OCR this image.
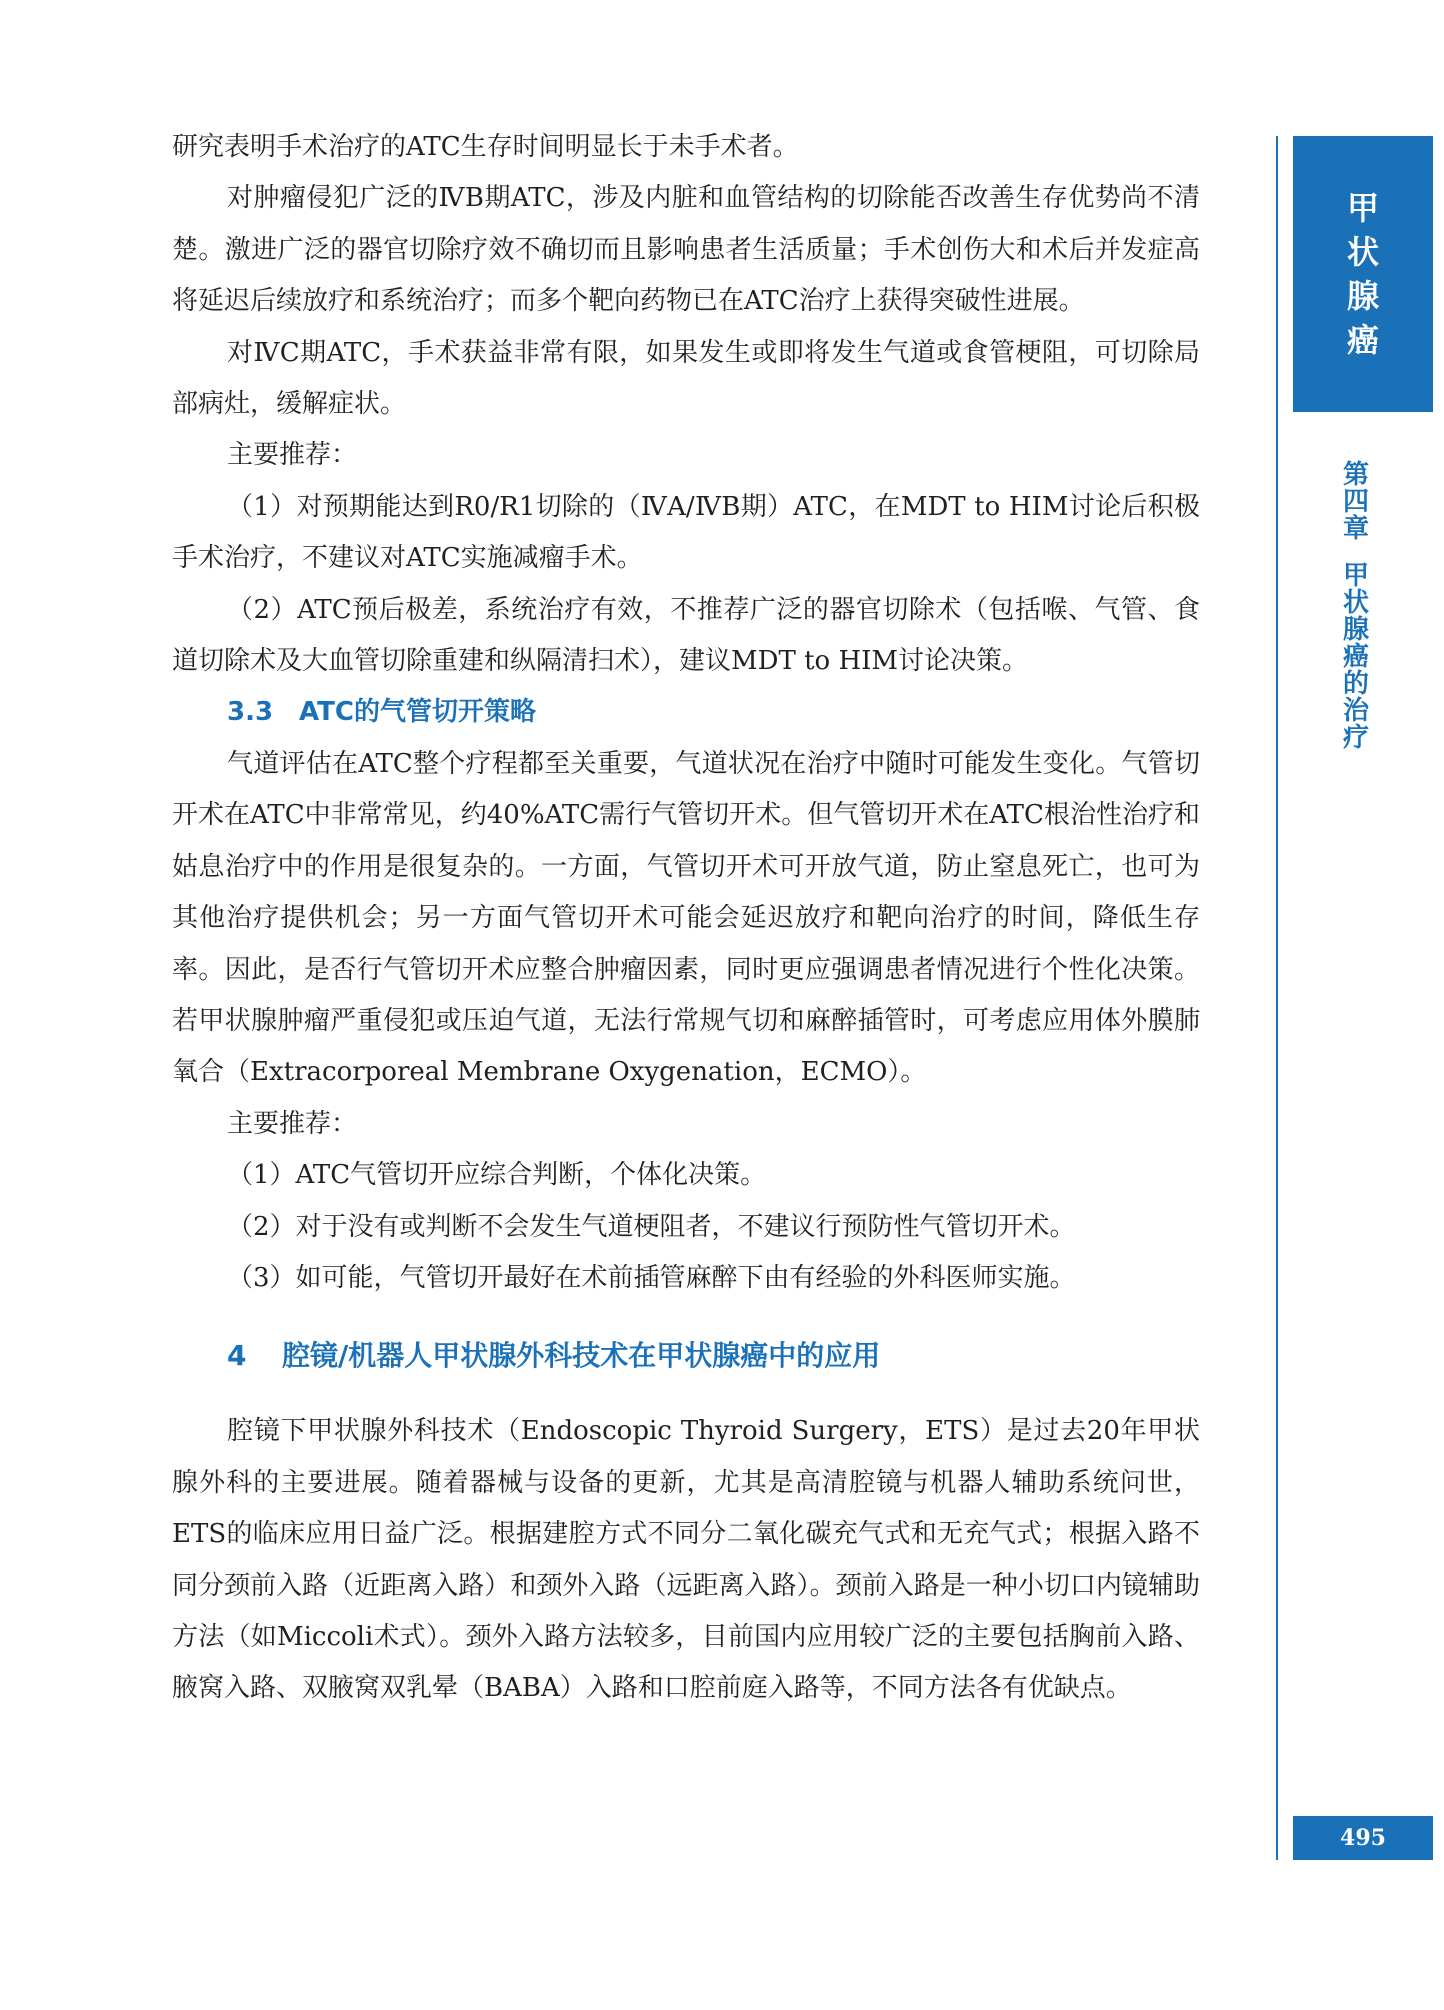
甲
状
腺
癌
第
四
章
甲
状
腺
癌
的
治
疗

研究表明手术治疗的ATC生存时间明显长于未手术者。

对肿瘤侵犯广泛的ⅣB期ATC，涉及内脏和血管结构的切除能否改善生存优势尚不清楚。激进广泛的器官切除疗效不确切而且影响患者生活质量；手术创伤大和术后并发症高将延迟后续放疗和系统治疗；而多个靶向药物已在ATC治疗上获得突破性进展。

对ⅣC期ATC，手术获益非常有限，如果发生或即将发生气道或食管梗阻，可切除局部病灶，缓解症状。

主要推荐：

（1）对预期能达到R0/R1切除的（ⅣA/ⅣB期）ATC，在MDT to HIM讨论后积极手术治疗，不建议对ATC实施减瘤手术。

（2）ATC预后极差，系统治疗有效，不推荐广泛的器官切除术（包括喉、气管、食道切除术及大血管切除重建和纵隔清扫术），建议MDT to HIM讨论决策。

3.3　ATC的气管切开策略

气道评估在ATC整个疗程都至关重要，气道状况在治疗中随时可能发生变化。气管切开术在ATC中非常常见，约40%ATC需行气管切开术。但气管切开术在ATC根治性治疗和姑息治疗中的作用是很复杂的。一方面，气管切开术可开放气道，防止窒息死亡，也可为其他治疗提供机会；另一方面气管切开术可能会延迟放疗和靶向治疗的时间，降低生存率。因此，是否行气管切开术应整合肿瘤因素，同时更应强调患者情况进行个性化决策。若甲状腺肿瘤严重侵犯或压迫气道，无法行常规气切和麻醉插管时，可考虑应用体外膜肺氧合（Extracorporeal Membrane Oxygenation，ECMO）。

主要推荐：

（1）ATC气管切开应综合判断，个体化决策。

（2）对于没有或判断不会发生气道梗阻者，不建议行预防性气管切开术。

（3）如可能，气管切开最好在术前插管麻醉下由有经验的外科医师实施。

4 腔镜/机器人甲状腺外科技术在甲状腺癌中的应用

腔镜下甲状腺外科技术（Endoscopic Thyroid Surgery，ETS）是过去20年甲状腺外科的主要进展。随着器械与设备的更新，尤其是高清腔镜与机器人辅助系统问世，ETS的临床应用日益广泛。根据建腔方式不同分二氧化碳充气式和无充气式；根据入路不同分颈前入路（近距离入路）和颈外入路（远距离入路）。颈前入路是一种小切口内镜辅助方法（如Miccoli术式）。颈外入路方法较多，目前国内应用较广泛的主要包括胸前入路、腋窝入路、双腋窝双乳晕（BABA）入路和口腔前庭入路等，不同方法各有优缺点。

495
